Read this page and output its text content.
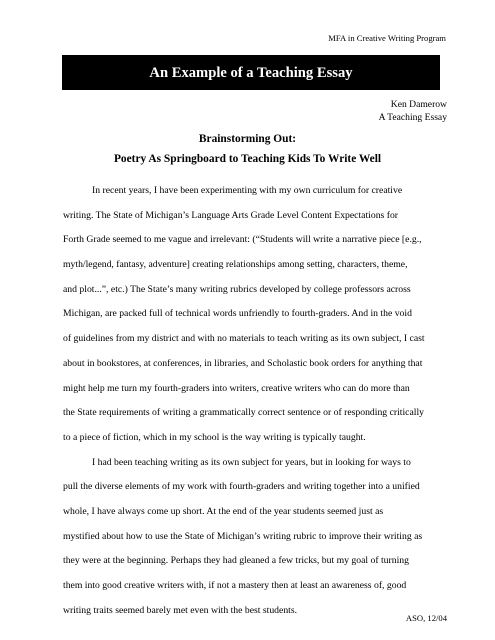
MFA in Creative Writing Program
An Example of a Teaching Essay
Ken Damerow
A Teaching Essay
Brainstorming Out:
Poetry As Springboard to Teaching Kids To Write Well
In recent years, I have been experimenting with my own curriculum for creative
writing. The State of Michigan’s Language Arts Grade Level Content Expectations for
Forth Grade seemed to me vague and irrelevant: (“Students will write a narrative piece [e.g.,
myth/legend, fantasy, adventure] creating relationships among setting, characters, theme,
and plot...”, etc.) The State’s many writing rubrics developed by college professors across
Michigan, are packed full of technical words unfriendly to fourth-graders. And in the void
of guidelines from my district and with no materials to teach writing as its own subject, I cast
about in bookstores, at conferences, in libraries, and Scholastic book orders for anything that
might help me turn my fourth-graders into writers, creative writers who can do more than
the State requirements of writing a grammatically correct sentence or of responding critically
to a piece of fiction, which in my school is the way writing is typically taught.
I had been teaching writing as its own subject for years, but in looking for ways to
pull the diverse elements of my work with fourth-graders and writing together into a unified
whole, I have always come up short. At the end of the year students seemed just as
mystified about how to use the State of Michigan’s writing rubric to improve their writing as
they were at the beginning. Perhaps they had gleaned a few tricks, but my goal of turning
them into good creative writers with, if not a mastery then at least an awareness of, good
writing traits seemed barely met even with the best students.
ASO, 12/04
